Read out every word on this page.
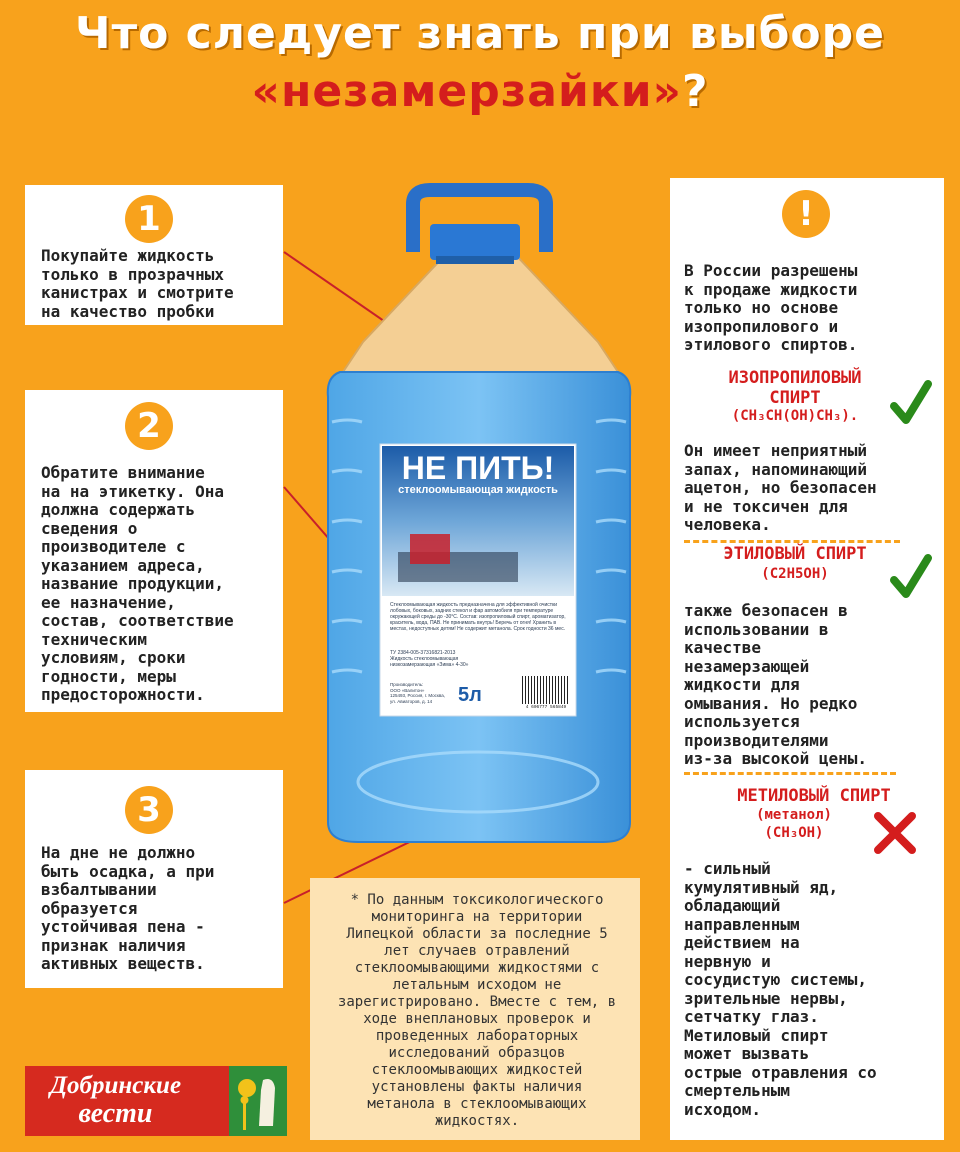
Что следует знать при выборе
«незамерзайки»?
НЕ ПИТЬ!
стеклоомывающая жидкость
Стеклоомывающая жидкость предназначена для эффективной очистки лобовых, боковых, задних стекол и фар автомобиля при температуре окружающей среды до -30°С. Состав: изопропиловый спирт, ароматизатор, краситель, вода, ПАВ. Не принимать внутрь! Беречь от огня! Хранить в местах, недоступных детям! Не содержит метанола. Срок годности 36 мес.
ТУ 2384-005-37316821-2013
Жидкость стеклоомывающая
низкозамерзающая «Зима» 4-30»
Производитель:
ООО «Валитон»
125493, Россия, г. Москва,
ул. Авиаторов, д. 14	5л
4 606777 565849
1
Покупайте жидкость
только в прозрачных
канистрах и смотрите
на качество пробки
2
Обратите внимание
на на этикетку. Она
должна содержать
сведения о
производителе с
указанием адреса,
название продукции,
ее назначение,
состав, соответствие
техническим
условиям, сроки
годности, меры
предосторожности.
3
На дне не должно
быть осадка, а при
взбалтывании
образуется
устойчивая пена -
признак наличия
активных веществ.
!
В России разрешены
к продаже жидкости
только но основе
изопропилового и
этилового спиртов.
ИЗОПРОПИЛОВЫЙ
СПИРТ
(CH₃CH(OH)CH₃).
Он имеет неприятный
запах, напоминающий
ацетон, но безопасен
и не токсичен для
человека.
ЭТИЛОВЫЙ СПИРТ
(C2H5OH)
также безопасен в
использовании в
качестве
незамерзающей
жидкости для
омывания. Но редко
используется
производителями
из-за высокой цены.
МЕТИЛОВЫЙ СПИРТ
(метанол)
(CH₃OH)
- сильный
кумулятивный яд,
обладающий
направленным
действием на
нервную и
сосудистую системы,
зрительные нервы,
сетчатку глаз.
Метиловый спирт
может вызвать
острые отравления со
смертельным
исходом.
* По данным токсикологического
мониторинга на территории
Липецкой области за последние 5
лет случаев отравлений
стеклоомывающими жидкостями с
летальным исходом не
зарегистрировано. Вместе с тем, в
ходе внеплановых проверок и
проведенных лабораторных
исследований образцов
стеклоомывающих жидкостей
установлены факты наличия
метанола в стеклоомывающих
жидкостях.
Добринские
вести
